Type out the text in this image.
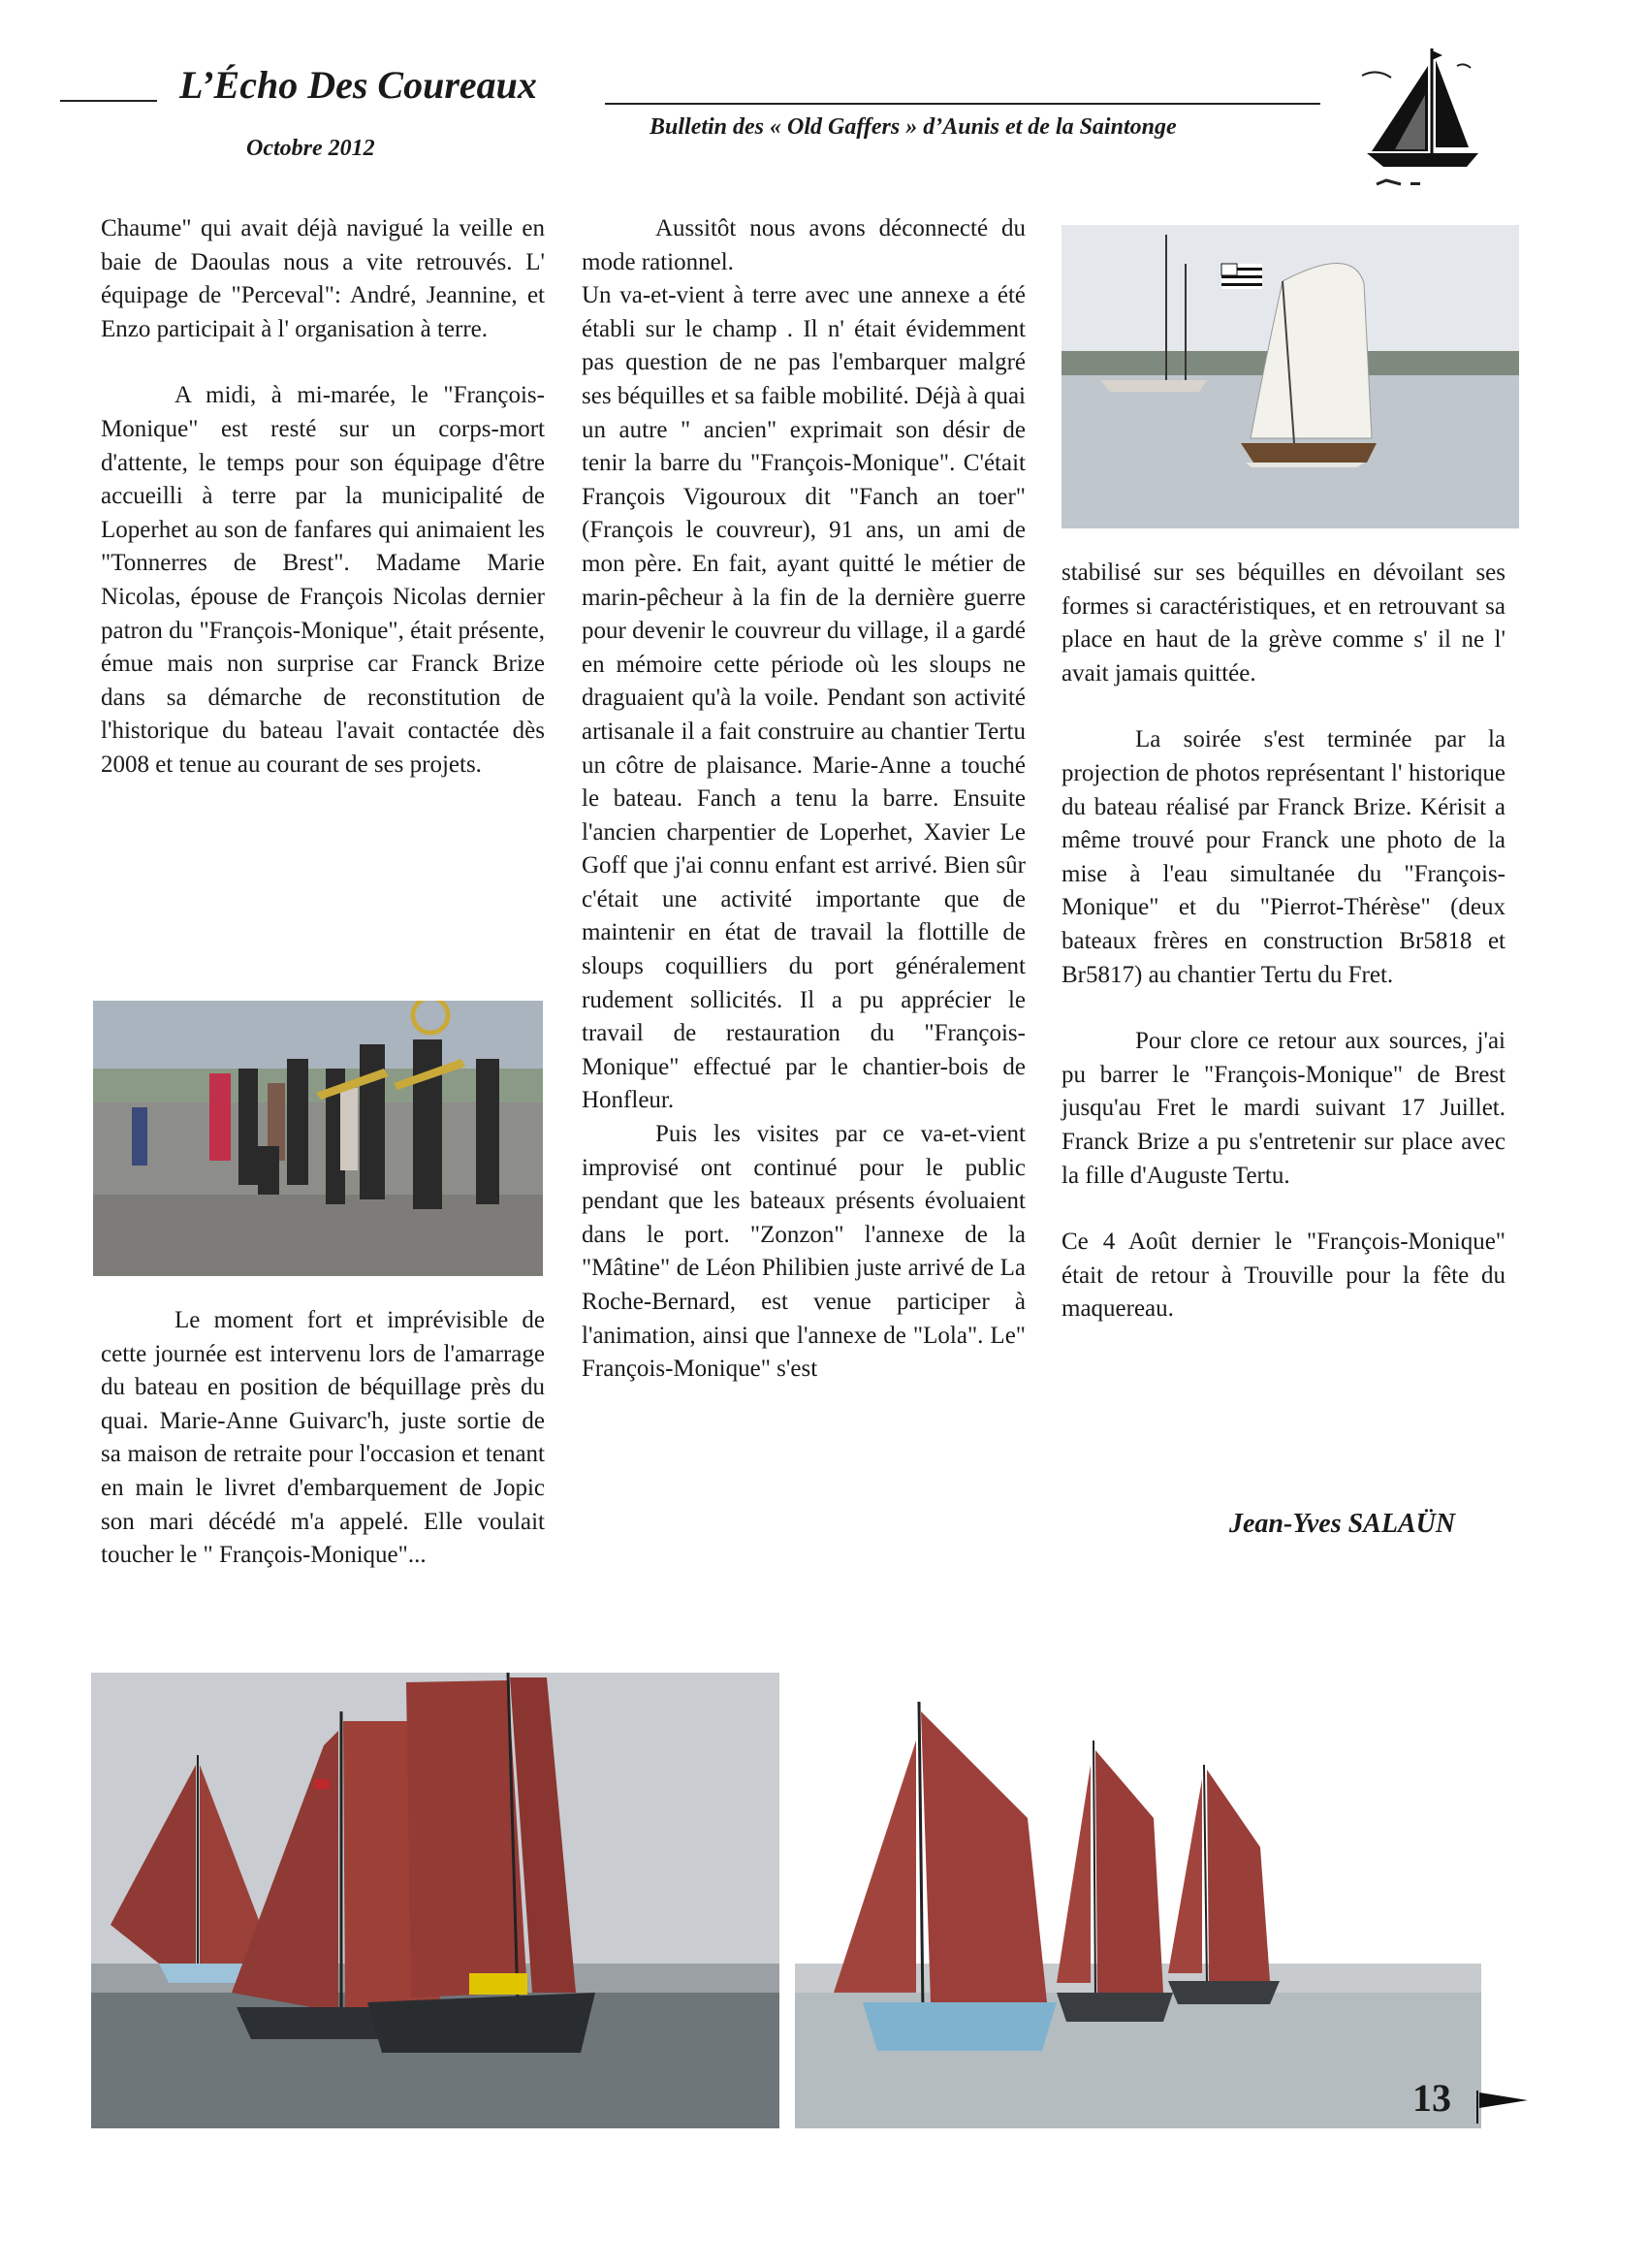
L’Écho Des Coureaux
Octobre 2012
Bulletin des « Old Gaffers » d’Aunis et de la Saintonge

Chaume" qui avait déjà navigué la veille en baie de Daoulas nous a vite retrouvés. L' équipage de "Perceval": André, Jeannine, et Enzo participait à l' organisation à terre.

A midi, à mi-marée, le "François-Monique" est resté sur un corps-mort d'attente, le temps pour son équipage d'être accueilli à terre par la municipalité de Loperhet au son de fanfares qui animaient les "Tonnerres de Brest". Madame Marie Nicolas, épouse de François Nicolas dernier patron du "François-Monique", était présente, émue mais non surprise car Franck Brize dans sa démarche de reconstitution de l'historique du bateau l'avait contactée dès 2008 et tenue au courant de ses projets.

Le moment fort et imprévisible de cette journée est intervenu lors de l'amarrage du bateau en position de béquillage près du quai. Marie-Anne Guivarc'h, juste sortie de sa maison de retraite pour l'occasion et tenant en main le livret d'embarquement de Jopic son mari décédé m'a appelé. Elle voulait toucher le " François-Monique"...

Aussitôt nous avons déconnecté du mode rationnel.

Un va-et-vient à terre avec une annexe a été établi sur le champ . Il n' était évidemment pas question de ne pas l'embarquer malgré ses béquilles et sa faible mobilité. Déjà à quai un autre " ancien" exprimait son désir de tenir la barre du "François-Monique". C'était François Vigouroux dit "Fanch an toer" (François le couvreur), 91 ans, un ami de mon père. En fait, ayant quitté le métier de marin-pêcheur à la fin de la dernière guerre pour devenir le couvreur du village, il a gardé en mémoire cette période où les sloups ne draguaient qu'à la voile. Pendant son activité artisanale il a fait construire au chantier Tertu un côtre de plaisance. Marie-Anne a touché le bateau. Fanch a tenu la barre. Ensuite l'ancien charpentier de Loperhet, Xavier Le Goff que j'ai connu enfant est arrivé. Bien sûr c'était une activité importante que de maintenir en état de travail la flottille de sloups coquilliers du port généralement rudement sollicités. Il a pu apprécier le travail de restauration du "François-Monique" effectué par le chantier-bois de Honfleur.

Puis les visites par ce va-et-vient improvisé ont continué pour le public pendant que les bateaux présents évoluaient dans le port. "Zonzon" l'annexe de la "Mâtine" de Léon Philibien juste arrivé de La Roche-Bernard, est venue participer à l'animation, ainsi que l'annexe de "Lola". Le" François-Monique" s'est

stabilisé sur ses béquilles en dévoilant ses formes si caractéristiques, et en retrouvant sa place en haut de la grève comme s' il ne l' avait jamais quittée.

La soirée s'est terminée par la projection de photos représentant l' historique du bateau réalisé par Franck Brize. Kérisit a même trouvé pour Franck une photo de la mise à l'eau simultanée du "François-Monique" et du "Pierrot-Thérèse" (deux bateaux frères en construction Br5818 et Br5817) au chantier Tertu du Fret.

Pour clore ce retour aux sources, j'ai pu barrer le "François-Monique" de Brest jusqu'au Fret le mardi suivant 17 Juillet. Franck Brize a pu s'entretenir sur place avec la fille d'Auguste Tertu.

Ce 4 Août dernier le "François-Monique" était de retour à Trouville pour la fête du maquereau.

Jean-Yves SALAÜN
13
